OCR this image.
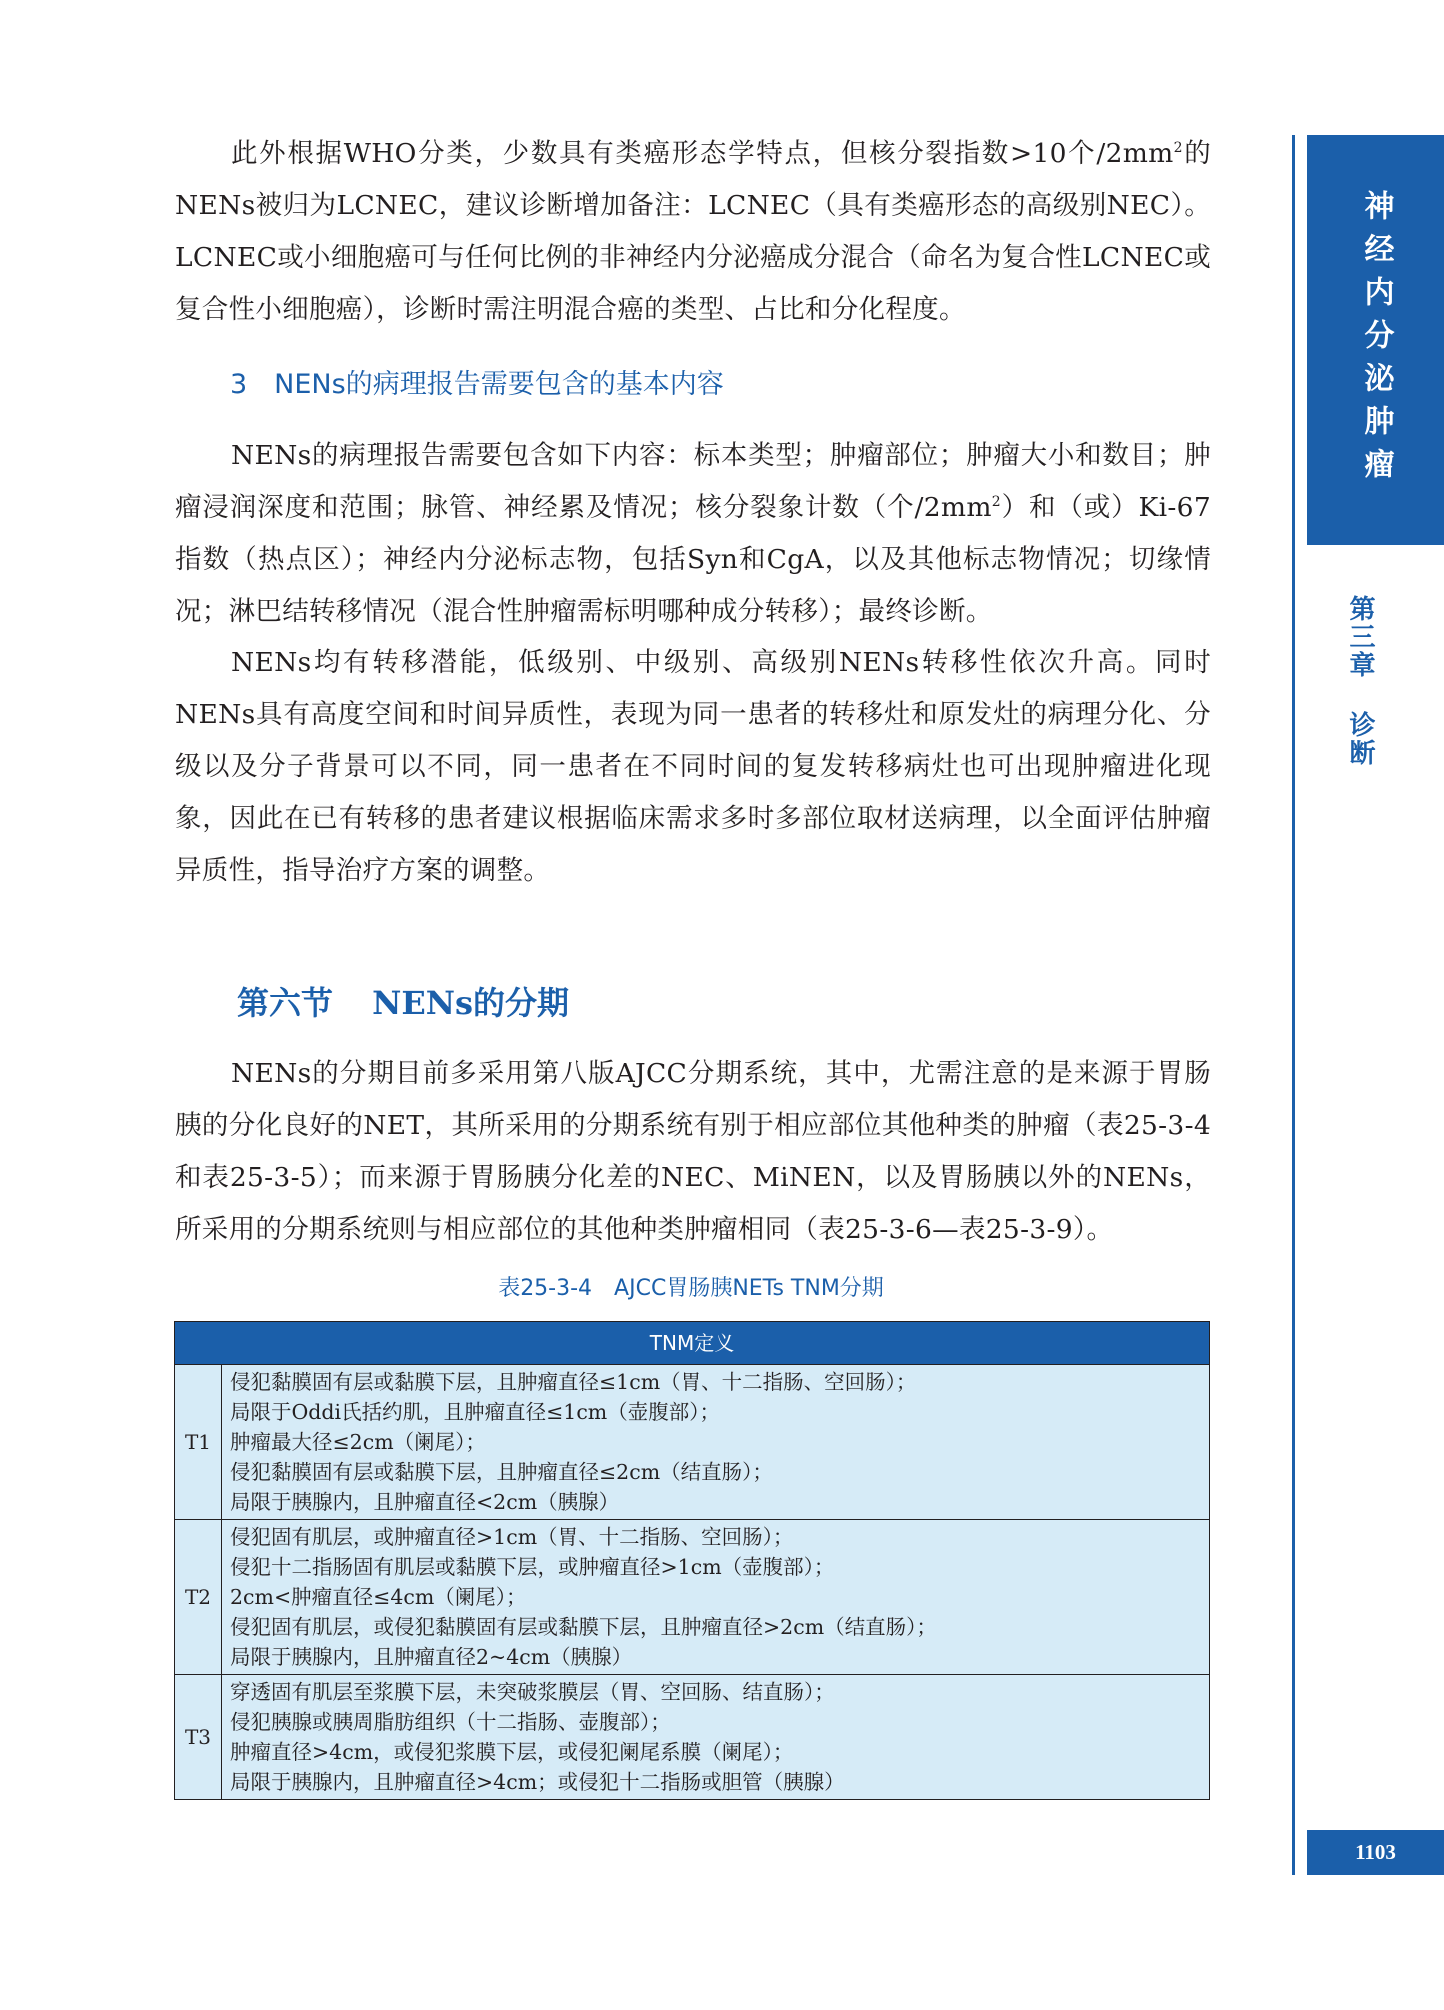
神经内分泌肿瘤
第三章 诊断
1103

此外根据WHO分类，少数具有类癌形态学特点，但核分裂指数>10个$/2mm^2$的NENs被归为LCNEC，建议诊断增加备注：LCNEC（具有类癌形态的高级别NEC）。LCNEC或小细胞癌可与任何比例的非神经内分泌癌成分混合（命名为复合性LCNEC或复合性小细胞癌），诊断时需注明混合癌的类型、占比和分化程度。

3　NENs的病理报告需要包含的基本内容

NENs的病理报告需要包含如下内容：标本类型；肿瘤部位；肿瘤大小和数目；肿瘤浸润深度和范围；脉管、神经累及情况；核分裂象计数（个$/2mm^2$）和（或）Ki-67指数（热点区）；神经内分泌标志物，包括Syn和CgA，以及其他标志物情况；切缘情况；淋巴结转移情况（混合性肿瘤需标明哪种成分转移）；最终诊断。

NENs均有转移潜能，低级别、中级别、高级别NENs转移性依次升高。同时NENs具有高度空间和时间异质性，表现为同一患者的转移灶和原发灶的病理分化、分级以及分子背景可以不同，同一患者在不同时间的复发转移病灶也可出现肿瘤进化现象，因此在已有转移的患者建议根据临床需求多时多部位取材送病理，以全面评估肿瘤异质性，指导治疗方案的调整。

第六节 NENs的分期

NENs的分期目前多采用第八版AJCC分期系统，其中，尤需注意的是来源于胃肠胰的分化良好的NET，其所采用的分期系统有别于相应部位其他种类的肿瘤（表25-3-4和表25-3-5）；而来源于胃肠胰分化差的NEC、MiNEN，以及胃肠胰以外的NENs，所采用的分期系统则与相应部位的其他种类肿瘤相同（表25-3-6—表25-3-9）。

表25-3-4　AJCC胃肠胰NETs TNM分期
TNM定义	
T1	侵犯黏膜固有层或黏膜下层，且肿瘤直径≤1cm（胃、十二指肠、空回肠）；
局限于Oddi氏括约肌，且肿瘤直径≤1cm（壶腹部）；
肿瘤最大径≤2cm（阑尾）；
侵犯黏膜固有层或黏膜下层，且肿瘤直径≤2cm（结直肠）；
局限于胰腺内，且肿瘤直径<2cm（胰腺）

T2	侵犯固有肌层，或肿瘤直径>1cm（胃、十二指肠、空回肠）；
侵犯十二指肠固有肌层或黏膜下层，或肿瘤直径>1cm（壶腹部）；
2cm<肿瘤直径≤4cm（阑尾）；
侵犯固有肌层，或侵犯黏膜固有层或黏膜下层，且肿瘤直径>2cm（结直肠）；
局限于胰腺内，且肿瘤直径2~4cm（胰腺）

T3	穿透固有肌层至浆膜下层，未突破浆膜层（胃、空回肠、结直肠）；
侵犯胰腺或胰周脂肪组织（十二指肠、壶腹部）；
肿瘤直径>4cm，或侵犯浆膜下层，或侵犯阑尾系膜（阑尾）；
局限于胰腺内，且肿瘤直径>4cm；或侵犯十二指肠或胆管（胰腺）
